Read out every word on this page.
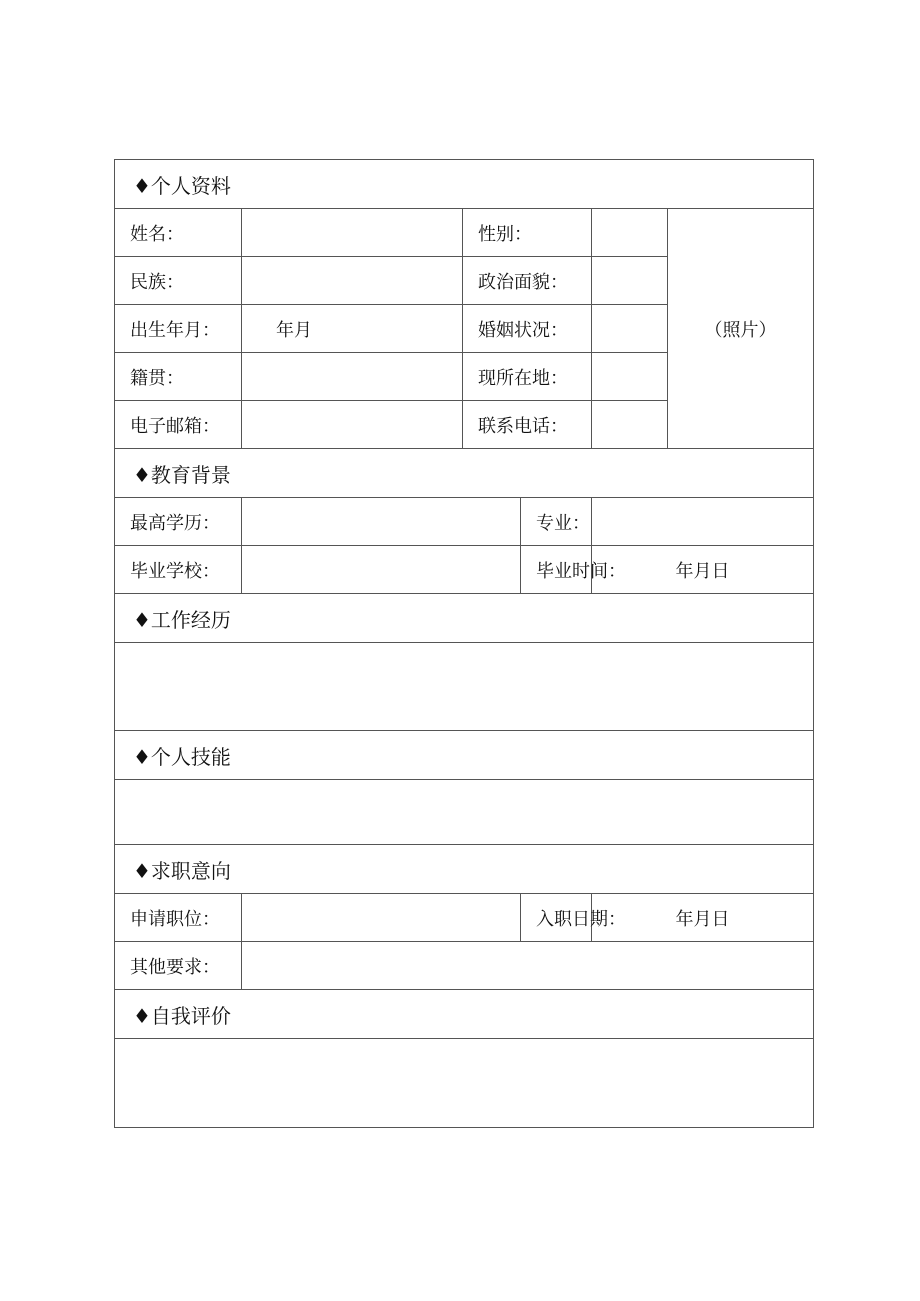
♦个人资料					
姓名：		性别：			（照片）
民族：		政治面貌：			
出生年月：	年月	婚姻状况：			
籍贯：		现所在地：			
电子邮箱：		联系电话：			
♦教育背景					
最高学历：			专业：		
毕业学校：			毕业时间：	年月日	
♦工作经历					

♦个人技能					

♦求职意向					
申请职位：			入职日期：	年月日	
其他要求：					
♦自我评价					
